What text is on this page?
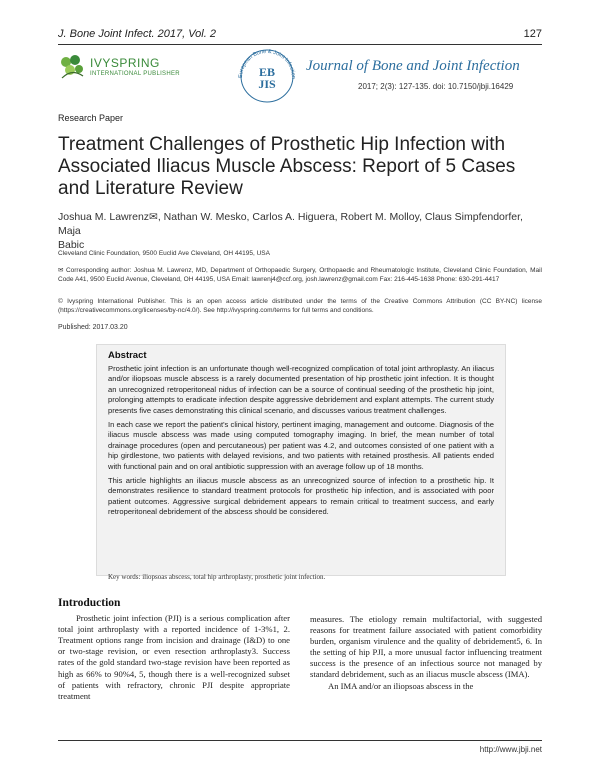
J. Bone Joint Infect. 2017, Vol. 2	127
IVYSPRING
INTERNATIONAL PUBLISHER	European Bone & Joint Infection
EB
JIS
Journal of Bone and Joint Infection
2017; 2(3): 127-135. doi: 10.7150/jbji.16429
Research Paper
Treatment Challenges of Prosthetic Hip Infection with Associated Iliacus Muscle Abscess: Report of 5 Cases and Literature Review
Joshua M. Lawrenz✉, Nathan W. Mesko, Carlos A. Higuera, Robert M. Molloy, Claus Simpfendorfer, Maja
Babic
Cleveland Clinic Foundation, 9500 Euclid Ave Cleveland, OH 44195, USA
✉ Corresponding author: Joshua M. Lawrenz, MD, Department of Orthopaedic Surgery, Orthopaedic and Rheumatologic Institute, Cleveland Clinic Foundation, Mail Code A41, 9500 Euclid Avenue, Cleveland, OH 44195, USA Email: lawrenj4@ccf.org, josh.lawrenz@gmail.com Fax: 216-445-1638 Phone: 630-291-4417
© Ivyspring International Publisher. This is an open access article distributed under the terms of the Creative Commons Attribution (CC BY-NC) license (https://creativecommons.org/licenses/by-nc/4.0/). See http://ivyspring.com/terms for full terms and conditions.
Published: 2017.03.20
Abstract

Prosthetic joint infection is an unfortunate though well-recognized complication of total joint arthroplasty. An iliacus and/or iliopsoas muscle abscess is a rarely documented presentation of hip prosthetic joint infection. It is thought an unrecognized retroperitoneal nidus of infection can be a source of continual seeding of the prosthetic hip joint, prolonging attempts to eradicate infection despite aggressive debridement and explant attempts. The current study presents five cases demonstrating this clinical scenario, and discusses various treatment challenges.

In each case we report the patient's clinical history, pertinent imaging, management and outcome. Diagnosis of the iliacus muscle abscess was made using computed tomography imaging. In brief, the mean number of total drainage procedures (open and percutaneous) per patient was 4.2, and outcomes consisted of one patient with a hip girdlestone, two patients with delayed revisions, and two patients with retained prosthesis. All patients ended with functional pain and on oral antibiotic suppression with an average follow up of 18 months.

This article highlights an iliacus muscle abscess as an unrecognized source of infection to a prosthetic hip. It demonstrates resilience to standard treatment protocols for prosthetic hip infection, and is associated with poor patient outcomes. Aggressive surgical debridement appears to remain critical to treatment success, and early retroperitoneal debridement of the abscess should be considered.

Key words: iliopsoas abscess, total hip arthroplasty, prosthetic joint infection.
Introduction

Prosthetic joint infection (PJI) is a serious complication after total joint arthroplasty with a reported incidence of 1-3%1, 2. Treatment options range from incision and drainage (I&D) to one or two-stage revision, or even resection arthroplasty3. Success rates of the gold standard two-stage revision have been reported as high as 66% to 90%4, 5, though there is a well-recognized subset of patients with refractory, chronic PJI despite appropriate treatment

measures. The etiology remain multifactorial, with suggested reasons for treatment failure associated with patient comorbidity burden, organism virulence and the quality of debridement5, 6. In the setting of hip PJI, a more unusual factor influencing treatment success is the presence of an infectious source not managed by standard debridement, such as an iliacus muscle abscess (IMA).

An IMA and/or an iliopsoas abscess in the

http://www.jbji.net
